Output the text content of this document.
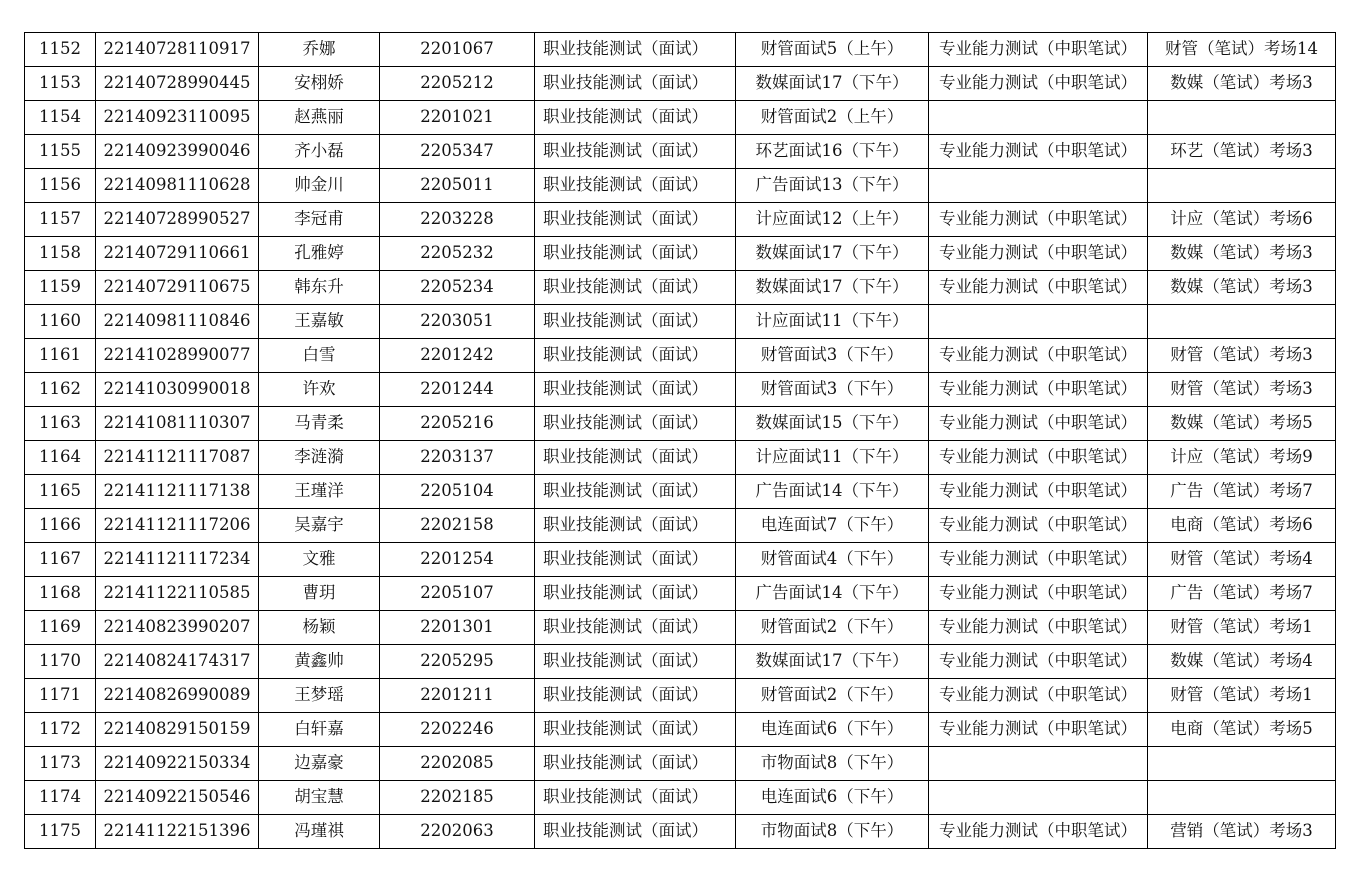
1152	22140728110917	乔娜	2201067	职业技能测试（面试）	财管面试5（上午）	专业能力测试（中职笔试）	财管（笔试）考场14
1153	22140728990445	安栩娇	2205212	职业技能测试（面试）	数媒面试17（下午）	专业能力测试（中职笔试）	数媒（笔试）考场3
1154	22140923110095	赵燕丽	2201021	职业技能测试（面试）	财管面试2（上午）		
1155	22140923990046	齐小磊	2205347	职业技能测试（面试）	环艺面试16（下午）	专业能力测试（中职笔试）	环艺（笔试）考场3
1156	22140981110628	帅金川	2205011	职业技能测试（面试）	广告面试13（下午）		
1157	22140728990527	李冠甫	2203228	职业技能测试（面试）	计应面试12（上午）	专业能力测试（中职笔试）	计应（笔试）考场6
1158	22140729110661	孔雅婷	2205232	职业技能测试（面试）	数媒面试17（下午）	专业能力测试（中职笔试）	数媒（笔试）考场3
1159	22140729110675	韩东升	2205234	职业技能测试（面试）	数媒面试17（下午）	专业能力测试（中职笔试）	数媒（笔试）考场3
1160	22140981110846	王嘉敏	2203051	职业技能测试（面试）	计应面试11（下午）		
1161	22141028990077	白雪	2201242	职业技能测试（面试）	财管面试3（下午）	专业能力测试（中职笔试）	财管（笔试）考场3
1162	22141030990018	许欢	2201244	职业技能测试（面试）	财管面试3（下午）	专业能力测试（中职笔试）	财管（笔试）考场3
1163	22141081110307	马青柔	2205216	职业技能测试（面试）	数媒面试15（下午）	专业能力测试（中职笔试）	数媒（笔试）考场5
1164	22141121117087	李涟漪	2203137	职业技能测试（面试）	计应面试11（下午）	专业能力测试（中职笔试）	计应（笔试）考场9
1165	22141121117138	王瑾洋	2205104	职业技能测试（面试）	广告面试14（下午）	专业能力测试（中职笔试）	广告（笔试）考场7
1166	22141121117206	吴嘉宇	2202158	职业技能测试（面试）	电连面试7（下午）	专业能力测试（中职笔试）	电商（笔试）考场6
1167	22141121117234	文雅	2201254	职业技能测试（面试）	财管面试4（下午）	专业能力测试（中职笔试）	财管（笔试）考场4
1168	22141122110585	曹玥	2205107	职业技能测试（面试）	广告面试14（下午）	专业能力测试（中职笔试）	广告（笔试）考场7
1169	22140823990207	杨颖	2201301	职业技能测试（面试）	财管面试2（下午）	专业能力测试（中职笔试）	财管（笔试）考场1
1170	22140824174317	黄鑫帅	2205295	职业技能测试（面试）	数媒面试17（下午）	专业能力测试（中职笔试）	数媒（笔试）考场4
1171	22140826990089	王梦瑶	2201211	职业技能测试（面试）	财管面试2（下午）	专业能力测试（中职笔试）	财管（笔试）考场1
1172	22140829150159	白轩嘉	2202246	职业技能测试（面试）	电连面试6（下午）	专业能力测试（中职笔试）	电商（笔试）考场5
1173	22140922150334	边嘉豪	2202085	职业技能测试（面试）	市物面试8（下午）		
1174	22140922150546	胡宝慧	2202185	职业技能测试（面试）	电连面试6（下午）		
1175	22141122151396	冯瑾祺	2202063	职业技能测试（面试）	市物面试8（下午）	专业能力测试（中职笔试）	营销（笔试）考场3
